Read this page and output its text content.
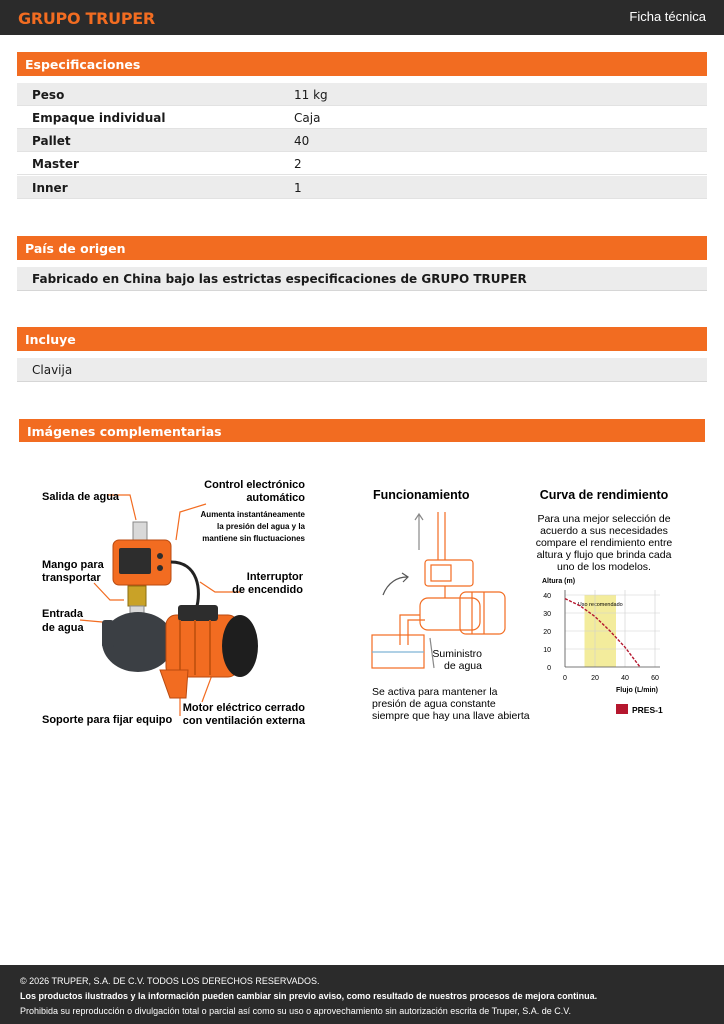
GRUPO TRUPER	Ficha técnica
Especificaciones
Peso	11 kg
Empaque individual	Caja
Pallet	40
Master	2
Inner	1
País de origen
Fabricado en China bajo las estrictas especificaciones de GRUPO TRUPER
Incluye
Clavija
Imágenes complementarias
Salida de agua
Control electrónico
automático
Aumenta instantáneamente
la presión del agua y la
mantiene sin fluctuaciones
Mango para
transportar	Interruptor
de encendido
Entrada
de agua
Soporte para fijar equipo
Motor eléctrico cerrado
con ventilación externa
Funcionamiento
Suministro
de agua
Se activa para mantener la
presión de agua constante
siempre que hay una llave abierta
Curva de rendimiento
Para una mejor selección de
acuerdo a sus necesidades
compare el rendimiento entre
altura y flujo que brinda cada
uno de los modelos.
Altura (m)
Flujo (L/min)
Uso recomendado
0
10
20
30
40
0	20	40	60
PRES-1
© 2026 TRUPER, S.A. DE C.V. TODOS LOS DERECHOS RESERVADOS.
Los productos ilustrados y la información pueden cambiar sin previo aviso, como resultado de nuestros procesos de mejora continua.
Prohibida su reproducción o divulgación total o parcial así como su uso o aprovechamiento sin autorización escrita de Truper, S.A. de C.V.
